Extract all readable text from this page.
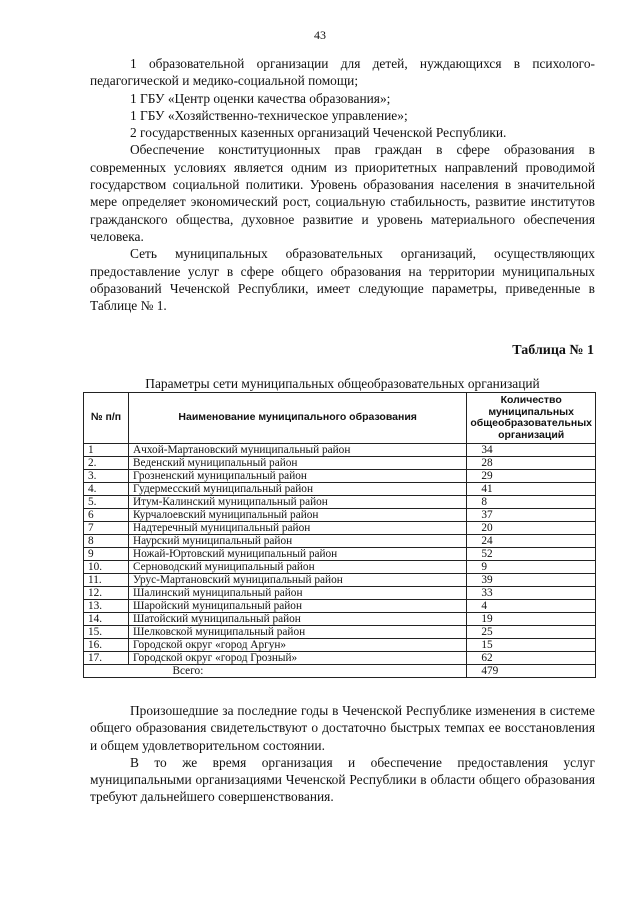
43

1 образовательной организации для детей, нуждающихся в психолого-педагогической и медико-социальной помощи;

1 ГБУ «Центр оценки качества образования»;

1 ГБУ «Хозяйственно-техническое управление»;

2 государственных казенных организаций Чеченской Республики.

Обеспечение конституционных прав граждан в сфере образования в современных условиях является одним из приоритетных направлений проводимой государством социальной политики. Уровень образования населения в значительной мере определяет экономический рост, социальную стабильность, развитие институтов гражданского общества, духовное развитие и уровень материального обеспечения человека.

Сеть муниципальных образовательных организаций, осуществляющих предоставление услуг в сфере общего образования на территории муниципальных образований Чеченской Республики, имеет следующие параметры, приведенные в Таблице № 1.

Таблица № 1
Параметры сети муниципальных общеобразовательных организаций
№ п/п	Наименование муниципального образования	Количество муниципальных общеобразовательных организаций
1	Ачхой-Мартановский муниципальный район	34
2.	Веденский муниципальный район	28
3.	Грозненский муниципальный район	29
4.	Гудермесский муниципальный район	41
5.	Итум-Калинский муниципальный район	8
6	Курчалоевский муниципальный район	37
7	Надтеречный муниципальный район	20
8	Наурский муниципальный район	24
9	Ножай-Юртовский муниципальный район	52
10.	Серноводский муниципальный район	9
11.	Урус-Мартановский муниципальный район	39
12.	Шалинский муниципальный район	33
13.	Шаройский муниципальный район	4
14.	Шатойский муниципальный район	19
15.	Шелковской муниципальный район	25
16.	Городской округ «город Аргун»	15
17.	Городской округ «город Грозный»	62
	Всего:	479

Произошедшие за последние годы в Чеченской Республике изменения в системе общего образования свидетельствуют о достаточно быстрых темпах ее восстановления и общем удовлетворительном состоянии.

В то же время организация и обеспечение предоставления услуг муниципальными организациями Чеченской Республики в области общего образования требуют дальнейшего совершенствования.
